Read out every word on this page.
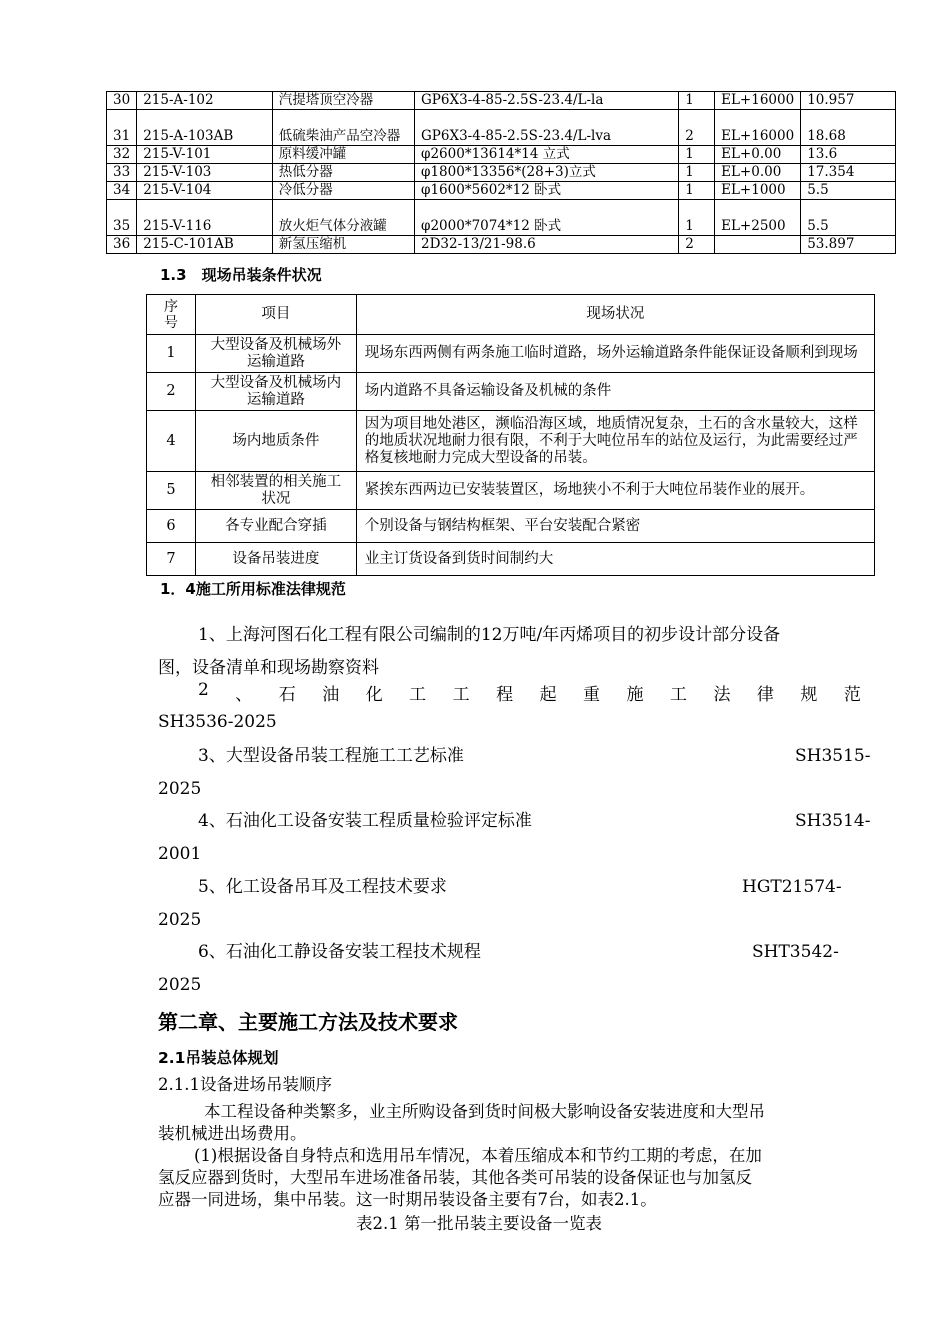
30	215-A-102	汽提塔顶空冷器	GP6X3-4-85-2.5S-23.4/L-la	1	EL+16000	10.957
31	215-A-103AB	低硫柴油产品空冷器	GP6X3-4-85-2.5S-23.4/L-lva	2	EL+16000	18.68
32	215-V-101	原料缓冲罐	φ2600*13614*14 立式	1	EL+0.00	13.6
33	215-V-103	热低分器	φ1800*13356*(28+3)立式	1	EL+0.00	17.354
34	215-V-104	冷低分器	φ1600*5602*12 卧式	1	EL+1000	5.5
35	215-V-116	放火炬气体分液罐	φ2000*7074*12 卧式	1	EL+2500	5.5
36	215-C-101AB	新氢压缩机	2D32-13/21-98.6	2		53.897
1.3　现场吊装条件状况
序号	项目	现场状况
1	大型设备及机械场外运输道路	现场东西两侧有两条施工临时道路，场外运输道路条件能保证设备顺利到现场
2	大型设备及机械场内运输道路	场内道路不具备运输设备及机械的条件
4	场内地质条件	因为项目地处港区，濒临沿海区域，地质情况复杂，土石的含水量较大，这样的地质状况地耐力很有限，不利于大吨位吊车的站位及运行，为此需要经过严格复核地耐力完成大型设备的吊装。
5	相邻装置的相关施工状况	紧挨东西两边已安装装置区，场地狭小不利于大吨位吊装作业的展开。
6	各专业配合穿插	个别设备与钢结构框架、平台安装配合紧密
7	设备吊装进度	业主订货设备到货时间制约大
1．4施工所用标准法律规范
1、上海河图石化工程有限公司编制的12万吨/年丙烯项目的初步设计部分设备
图，设备清单和现场勘察资料
2 、 石 油 化 工 工 程 起 重 施 工 法 律 规 范
SH3536-2025
3、大型设备吊装工程施工工艺标准	SH3515-
2025
4、石油化工设备安装工程质量检验评定标准	SH3514-
2001
5、化工设备吊耳及工程技术要求	HGT21574-
2025
6、石油化工静设备安装工程技术规程	SHT3542-
2025
第二章、主要施工方法及技术要求
2.1吊装总体规划
2.1.1设备进场吊装顺序
本工程设备种类繁多，业主所购设备到货时间极大影响设备安装进度和大型吊
装机械进出场费用。
(1)根据设备自身特点和选用吊车情况，本着压缩成本和节约工期的考虑，在加
氢反应器到货时，大型吊车进场准备吊装，其他各类可吊装的设备保证也与加氢反
应器一同进场，集中吊装。这一时期吊装设备主要有7台，如表2.1。
表2.1 第一批吊装主要设备一览表
